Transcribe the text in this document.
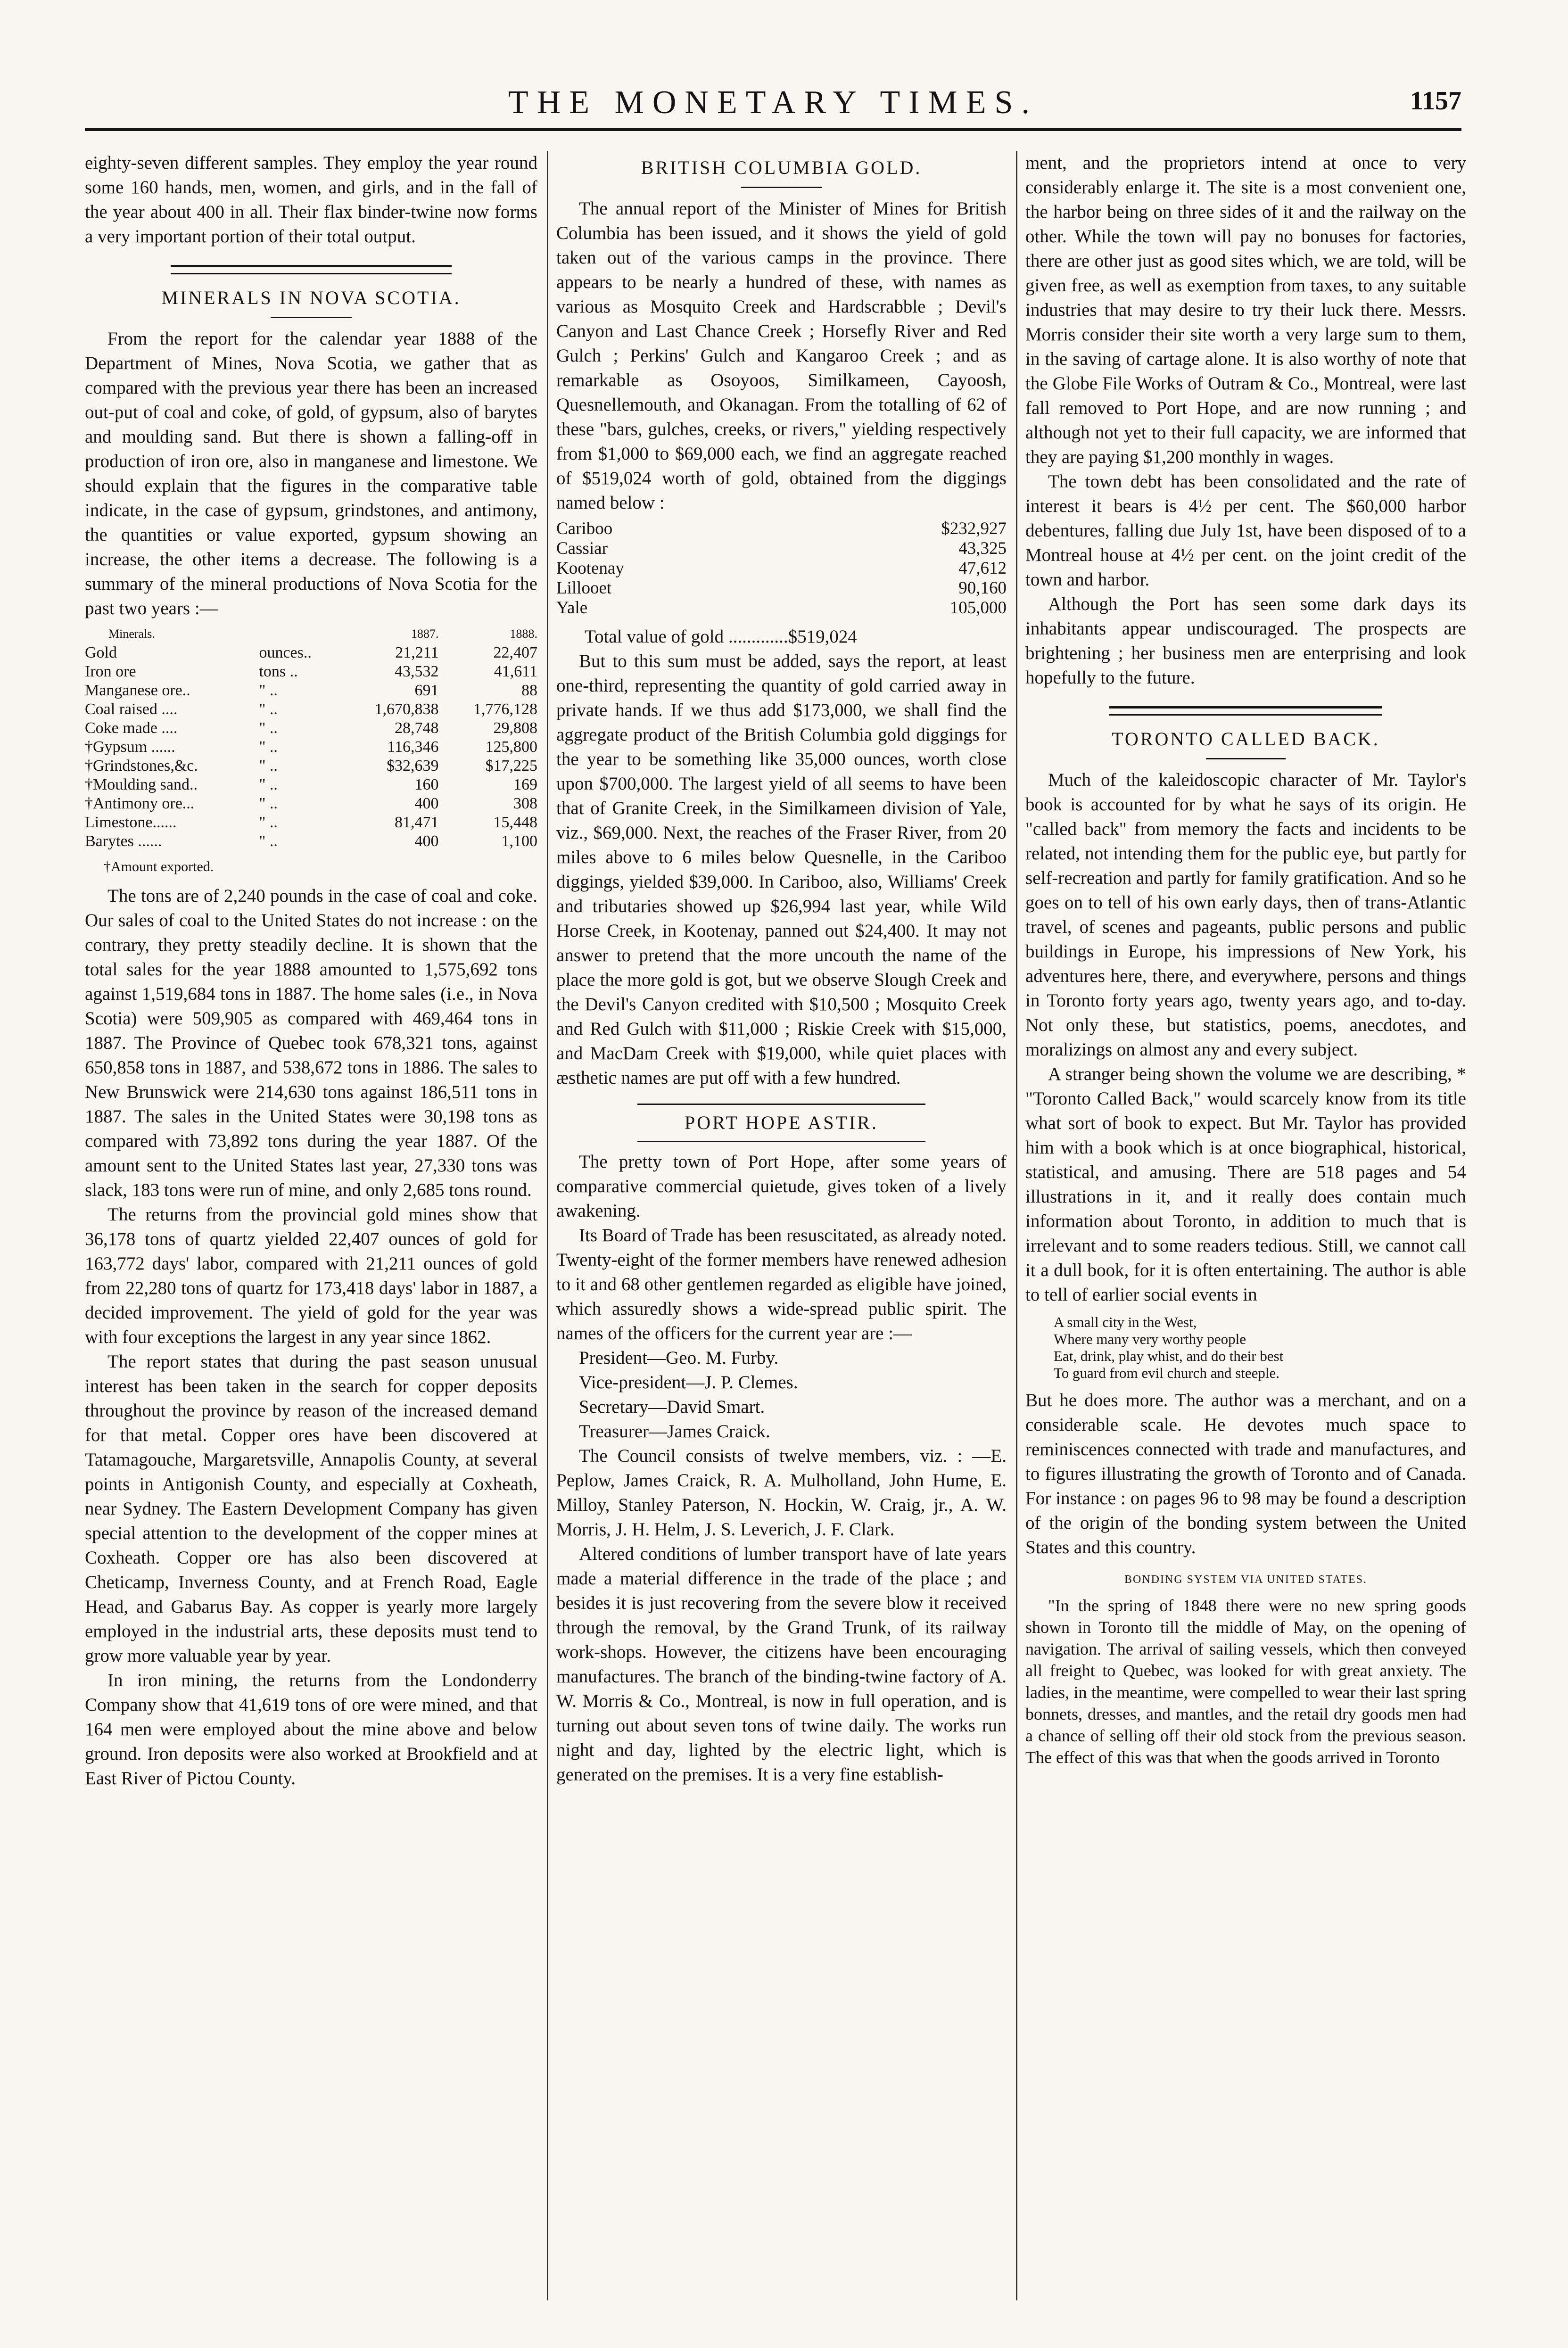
THE MONETARY TIMES.	1157

eighty-seven different samples. They employ the year round some 160 hands, men, women, and girls, and in the fall of the year about 400 in all. Their flax binder-twine now forms a very important portion of their total output.

MINERALS IN NOVA SCOTIA.

From the report for the calendar year 1888 of the Department of Mines, Nova Scotia, we gather that as compared with the previous year there has been an increased out-put of coal and coke, of gold, of gypsum, also of barytes and moulding sand. But there is shown a falling-off in production of iron ore, also in manganese and limestone. We should explain that the figures in the comparative table indicate, in the case of gypsum, grindstones, and antimony, the quantities or value exported, gypsum showing an increase, the other items a decrease. The following is a summary of the mineral productions of Nova Scotia for the past two years :—

Minerals.		1887.	1888.
Gold	ounces..	21,211	22,407
Iron ore	tons ..	43,532	41,611
Manganese ore..	" ..	691	88
Coal raised ....	" ..	1,670,838	1,776,128
Coke made ....	" ..	28,748	29,808
†Gypsum ......	" ..	116,346	125,800
†Grindstones,&c.	" ..	$32,639	$17,225
†Moulding sand..	" ..	160	169
†Antimony ore...	" ..	400	308
Limestone......	" ..	81,471	15,448
Barytes ......	" ..	400	1,100
†Amount exported.

The tons are of 2,240 pounds in the case of coal and coke. Our sales of coal to the United States do not increase : on the contrary, they pretty steadily decline. It is shown that the total sales for the year 1888 amounted to 1,575,692 tons against 1,519,684 tons in 1887. The home sales (i.e., in Nova Scotia) were 509,905 as compared with 469,464 tons in 1887. The Province of Quebec took 678,321 tons, against 650,858 tons in 1887, and 538,672 tons in 1886. The sales to New Brunswick were 214,630 tons against 186,511 tons in 1887. The sales in the United States were 30,198 tons as compared with 73,892 tons during the year 1887. Of the amount sent to the United States last year, 27,330 tons was slack, 183 tons were run of mine, and only 2,685 tons round.

The returns from the provincial gold mines show that 36,178 tons of quartz yielded 22,407 ounces of gold for 163,772 days' labor, compared with 21,211 ounces of gold from 22,280 tons of quartz for 173,418 days' labor in 1887, a decided improvement. The yield of gold for the year was with four exceptions the largest in any year since 1862.

The report states that during the past season unusual interest has been taken in the search for copper deposits throughout the province by reason of the increased demand for that metal. Copper ores have been discovered at Tatamagouche, Margaretsville, Annapolis County, at several points in Antigonish County, and especially at Coxheath, near Sydney. The Eastern Development Company has given special attention to the development of the copper mines at Coxheath. Copper ore has also been discovered at Cheticamp, Inverness County, and at French Road, Eagle Head, and Gabarus Bay. As copper is yearly more largely employed in the industrial arts, these deposits must tend to grow more valuable year by year.

In iron mining, the returns from the Londonderry Company show that 41,619 tons of ore were mined, and that 164 men were employed about the mine above and below ground. Iron deposits were also worked at Brookfield and at East River of Pictou County.

BRITISH COLUMBIA GOLD.

The annual report of the Minister of Mines for British Columbia has been issued, and it shows the yield of gold taken out of the various camps in the province. There appears to be nearly a hundred of these, with names as various as Mosquito Creek and Hardscrabble ; Devil's Canyon and Last Chance Creek ; Horsefly River and Red Gulch ; Perkins' Gulch and Kangaroo Creek ; and as remarkable as Osoyoos, Similkameen, Cayoosh, Quesnellemouth, and Okanagan. From the totalling of 62 of these "bars, gulches, creeks, or rivers," yielding respectively from $1,000 to $69,000 each, we find an aggregate reached of $519,024 worth of gold, obtained from the diggings named below :

Cariboo	$232,927
Cassiar	43,325
Kootenay	47,612
Lillooet	90,160
Yale	105,000
Total value of gold .............$519,024

But to this sum must be added, says the report, at least one-third, representing the quantity of gold carried away in private hands. If we thus add $173,000, we shall find the aggregate product of the British Columbia gold diggings for the year to be something like 35,000 ounces, worth close upon $700,000. The largest yield of all seems to have been that of Granite Creek, in the Similkameen division of Yale, viz., $69,000. Next, the reaches of the Fraser River, from 20 miles above to 6 miles below Quesnelle, in the Cariboo diggings, yielded $39,000. In Cariboo, also, Williams' Creek and tributaries showed up $26,994 last year, while Wild Horse Creek, in Kootenay, panned out $24,400. It may not answer to pretend that the more uncouth the name of the place the more gold is got, but we observe Slough Creek and the Devil's Canyon credited with $10,500 ; Mosquito Creek and Red Gulch with $11,000 ; Riskie Creek with $15,000, and MacDam Creek with $19,000, while quiet places with æsthetic names are put off with a few hundred.

PORT HOPE ASTIR.

The pretty town of Port Hope, after some years of comparative commercial quietude, gives token of a lively awakening.

Its Board of Trade has been resuscitated, as already noted. Twenty-eight of the former members have renewed adhesion to it and 68 other gentlemen regarded as eligible have joined, which assuredly shows a wide-spread public spirit. The names of the officers for the current year are :—

President—Geo. M. Furby.
Vice-president—J. P. Clemes.
Secretary—David Smart.
Treasurer—James Craick.

The Council consists of twelve members, viz. : —E. Peplow, James Craick, R. A. Mulholland, John Hume, E. Milloy, Stanley Paterson, N. Hockin, W. Craig, jr., A. W. Morris, J. H. Helm, J. S. Leverich, J. F. Clark.

Altered conditions of lumber transport have of late years made a material difference in the trade of the place ; and besides it is just recovering from the severe blow it received through the removal, by the Grand Trunk, of its railway work-shops. However, the citizens have been encouraging manufactures. The branch of the binding-twine factory of A. W. Morris & Co., Montreal, is now in full operation, and is turning out about seven tons of twine daily. The works run night and day, lighted by the electric light, which is generated on the premises. It is a very fine establish-

ment, and the proprietors intend at once to very considerably enlarge it. The site is a most convenient one, the harbor being on three sides of it and the railway on the other. While the town will pay no bonuses for factories, there are other just as good sites which, we are told, will be given free, as well as exemption from taxes, to any suitable industries that may desire to try their luck there. Messrs. Morris consider their site worth a very large sum to them, in the saving of cartage alone. It is also worthy of note that the Globe File Works of Outram & Co., Montreal, were last fall removed to Port Hope, and are now running ; and although not yet to their full capacity, we are informed that they are paying $1,200 monthly in wages.

The town debt has been consolidated and the rate of interest it bears is 4½ per cent. The $60,000 harbor debentures, falling due July 1st, have been disposed of to a Montreal house at 4½ per cent. on the joint credit of the town and harbor.

Although the Port has seen some dark days its inhabitants appear undiscouraged. The prospects are brightening ; her business men are enterprising and look hopefully to the future.

TORONTO CALLED BACK.

Much of the kaleidoscopic character of Mr. Taylor's book is accounted for by what he says of its origin. He "called back" from memory the facts and incidents to be related, not intending them for the public eye, but partly for self-recreation and partly for family gratification. And so he goes on to tell of his own early days, then of trans-Atlantic travel, of scenes and pageants, public persons and public buildings in Europe, his impressions of New York, his adventures here, there, and everywhere, persons and things in Toronto forty years ago, twenty years ago, and to-day. Not only these, but statistics, poems, anecdotes, and moralizings on almost any and every subject.

A stranger being shown the volume we are describing, * "Toronto Called Back," would scarcely know from its title what sort of book to expect. But Mr. Taylor has provided him with a book which is at once biographical, historical, statistical, and amusing. There are 518 pages and 54 illustrations in it, and it really does contain much information about Toronto, in addition to much that is irrelevant and to some readers tedious. Still, we cannot call it a dull book, for it is often entertaining. The author is able to tell of earlier social events in

A small city in the West,
Where many very worthy people
Eat, drink, play whist, and do their best
To guard from evil church and steeple.

But he does more. The author was a merchant, and on a considerable scale. He devotes much space to reminiscences connected with trade and manufactures, and to figures illustrating the growth of Toronto and of Canada. For instance : on pages 96 to 98 may be found a description of the origin of the bonding system between the United States and this country.

BONDING SYSTEM VIA UNITED STATES.

"In the spring of 1848 there were no new spring goods shown in Toronto till the middle of May, on the opening of navigation. The arrival of sailing vessels, which then conveyed all freight to Quebec, was looked for with great anxiety. The ladies, in the meantime, were compelled to wear their last spring bonnets, dresses, and mantles, and the retail dry goods men had a chance of selling off their old stock from the previous season. The effect of this was that when the goods arrived in Toronto
